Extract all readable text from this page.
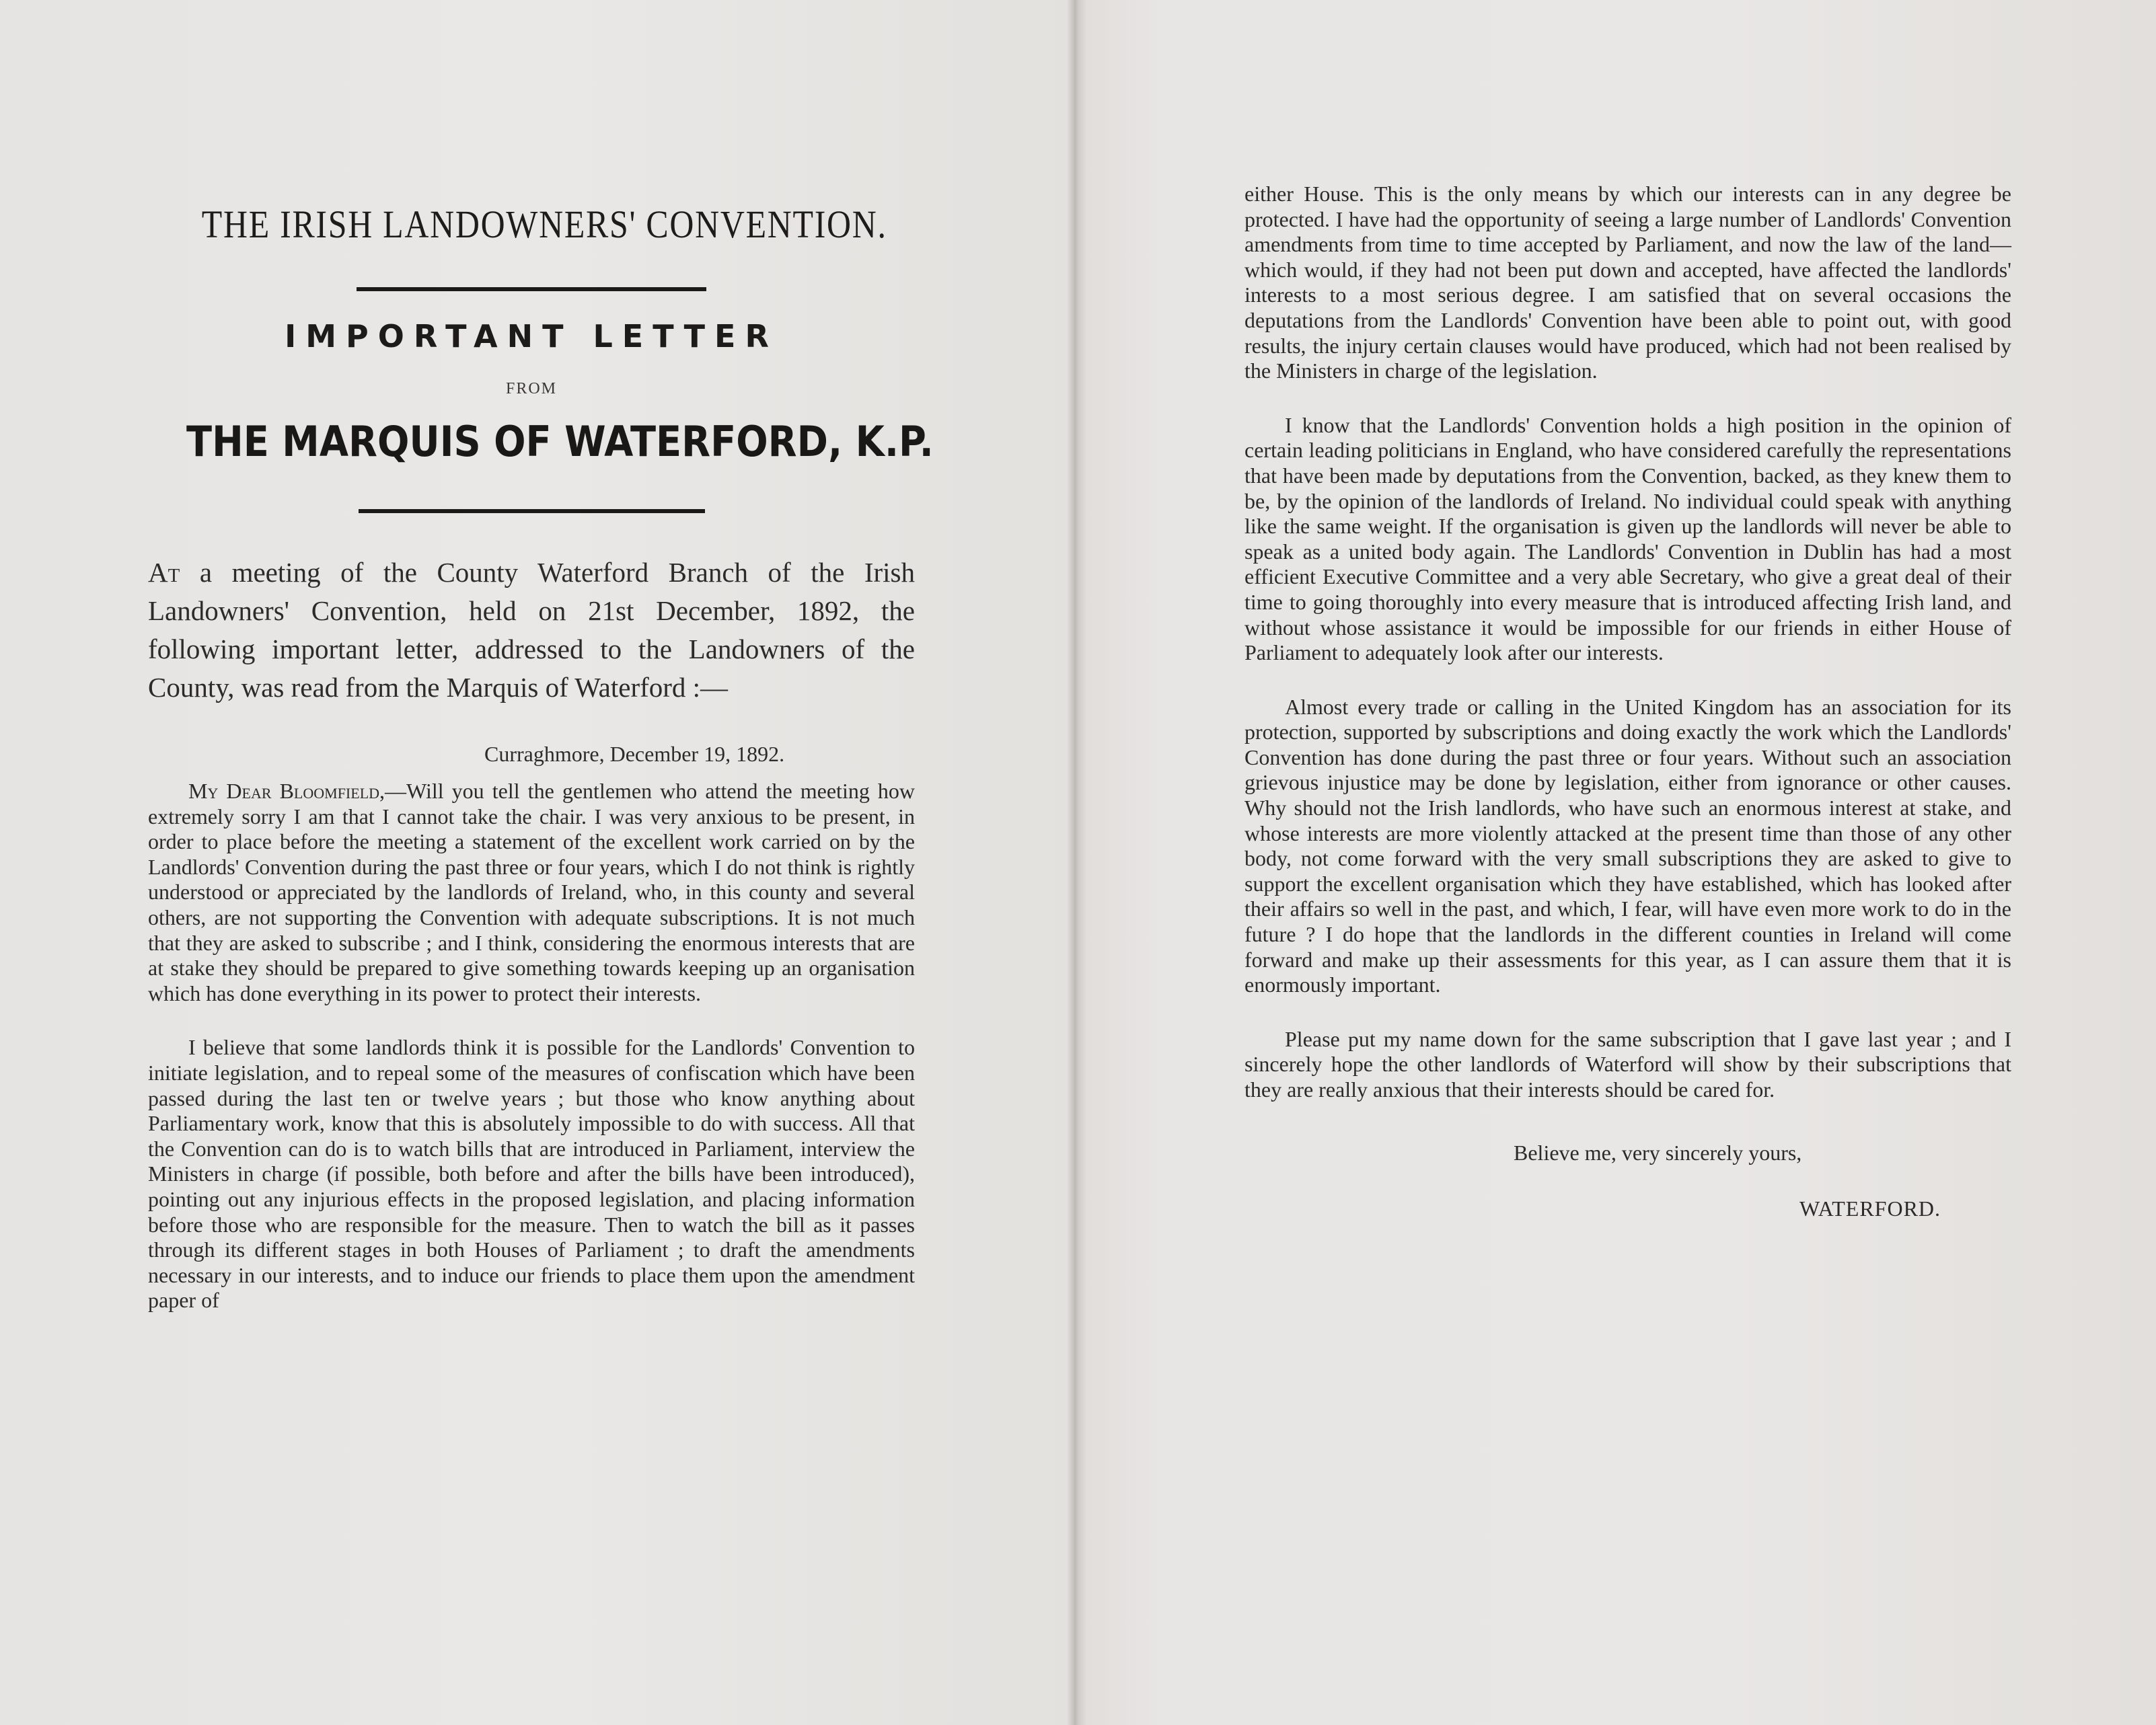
THE IRISH LANDOWNERS' CONVENTION.
IMPORTANT LETTER
FROM
THE MARQUIS OF WATERFORD, K.P.

At a meeting of the County Waterford Branch of the Irish Landowners' Convention, held on 21st December, 1892, the following important letter, addressed to the Landowners of the County, was read from the Marquis of Waterford :—

Curraghmore, December 19, 1892.

My Dear Bloomfield,—Will you tell the gentlemen who attend the meeting how extremely sorry I am that I cannot take the chair. I was very anxious to be present, in order to place before the meeting a statement of the excellent work carried on by the Landlords' Convention during the past three or four years, which I do not think is rightly understood or appreciated by the landlords of Ireland, who, in this county and several others, are not supporting the Convention with adequate subscriptions. It is not much that they are asked to subscribe ; and I think, considering the enormous interests that are at stake they should be prepared to give something towards keeping up an organisation which has done everything in its power to protect their interests.

I believe that some landlords think it is possible for the Landlords' Convention to initiate legislation, and to repeal some of the measures of confiscation which have been passed during the last ten or twelve years ; but those who know anything about Parliamentary work, know that this is absolutely impossible to do with success. All that the Convention can do is to watch bills that are introduced in Parliament, interview the Ministers in charge (if possible, both before and after the bills have been introduced), pointing out any injurious effects in the proposed legislation, and placing information before those who are responsible for the measure. Then to watch the bill as it passes through its different stages in both Houses of Parliament ; to draft the amendments necessary in our interests, and to induce our friends to place them upon the amendment paper of

either House. This is the only means by which our interests can in any degree be protected. I have had the opportunity of seeing a large number of Landlords' Convention amendments from time to time accepted by Parliament, and now the law of the land—which would, if they had not been put down and accepted, have affected the landlords' interests to a most serious degree. I am satisfied that on several occasions the deputations from the Landlords' Convention have been able to point out, with good results, the injury certain clauses would have produced, which had not been realised by the Ministers in charge of the legislation.

I know that the Landlords' Convention holds a high position in the opinion of certain leading politicians in England, who have considered carefully the representations that have been made by deputations from the Convention, backed, as they knew them to be, by the opinion of the landlords of Ireland. No individual could speak with anything like the same weight. If the organisation is given up the landlords will never be able to speak as a united body again. The Landlords' Convention in Dublin has had a most efficient Executive Committee and a very able Secretary, who give a great deal of their time to going thoroughly into every measure that is introduced affecting Irish land, and without whose assistance it would be impossible for our friends in either House of Parliament to adequately look after our interests.

Almost every trade or calling in the United Kingdom has an association for its protection, supported by subscriptions and doing exactly the work which the Landlords' Convention has done during the past three or four years. Without such an association grievous injustice may be done by legislation, either from ignorance or other causes. Why should not the Irish landlords, who have such an enormous interest at stake, and whose interests are more violently attacked at the present time than those of any other body, not come forward with the very small subscriptions they are asked to give to support the excellent organisation which they have established, which has looked after their affairs so well in the past, and which, I fear, will have even more work to do in the future ? I do hope that the landlords in the different counties in Ireland will come forward and make up their assessments for this year, as I can assure them that it is enormously important.

Please put my name down for the same subscription that I gave last year ; and I sincerely hope the other landlords of Waterford will show by their subscriptions that they are really anxious that their interests should be cared for.

Believe me, very sincerely yours,
WATERFORD.
